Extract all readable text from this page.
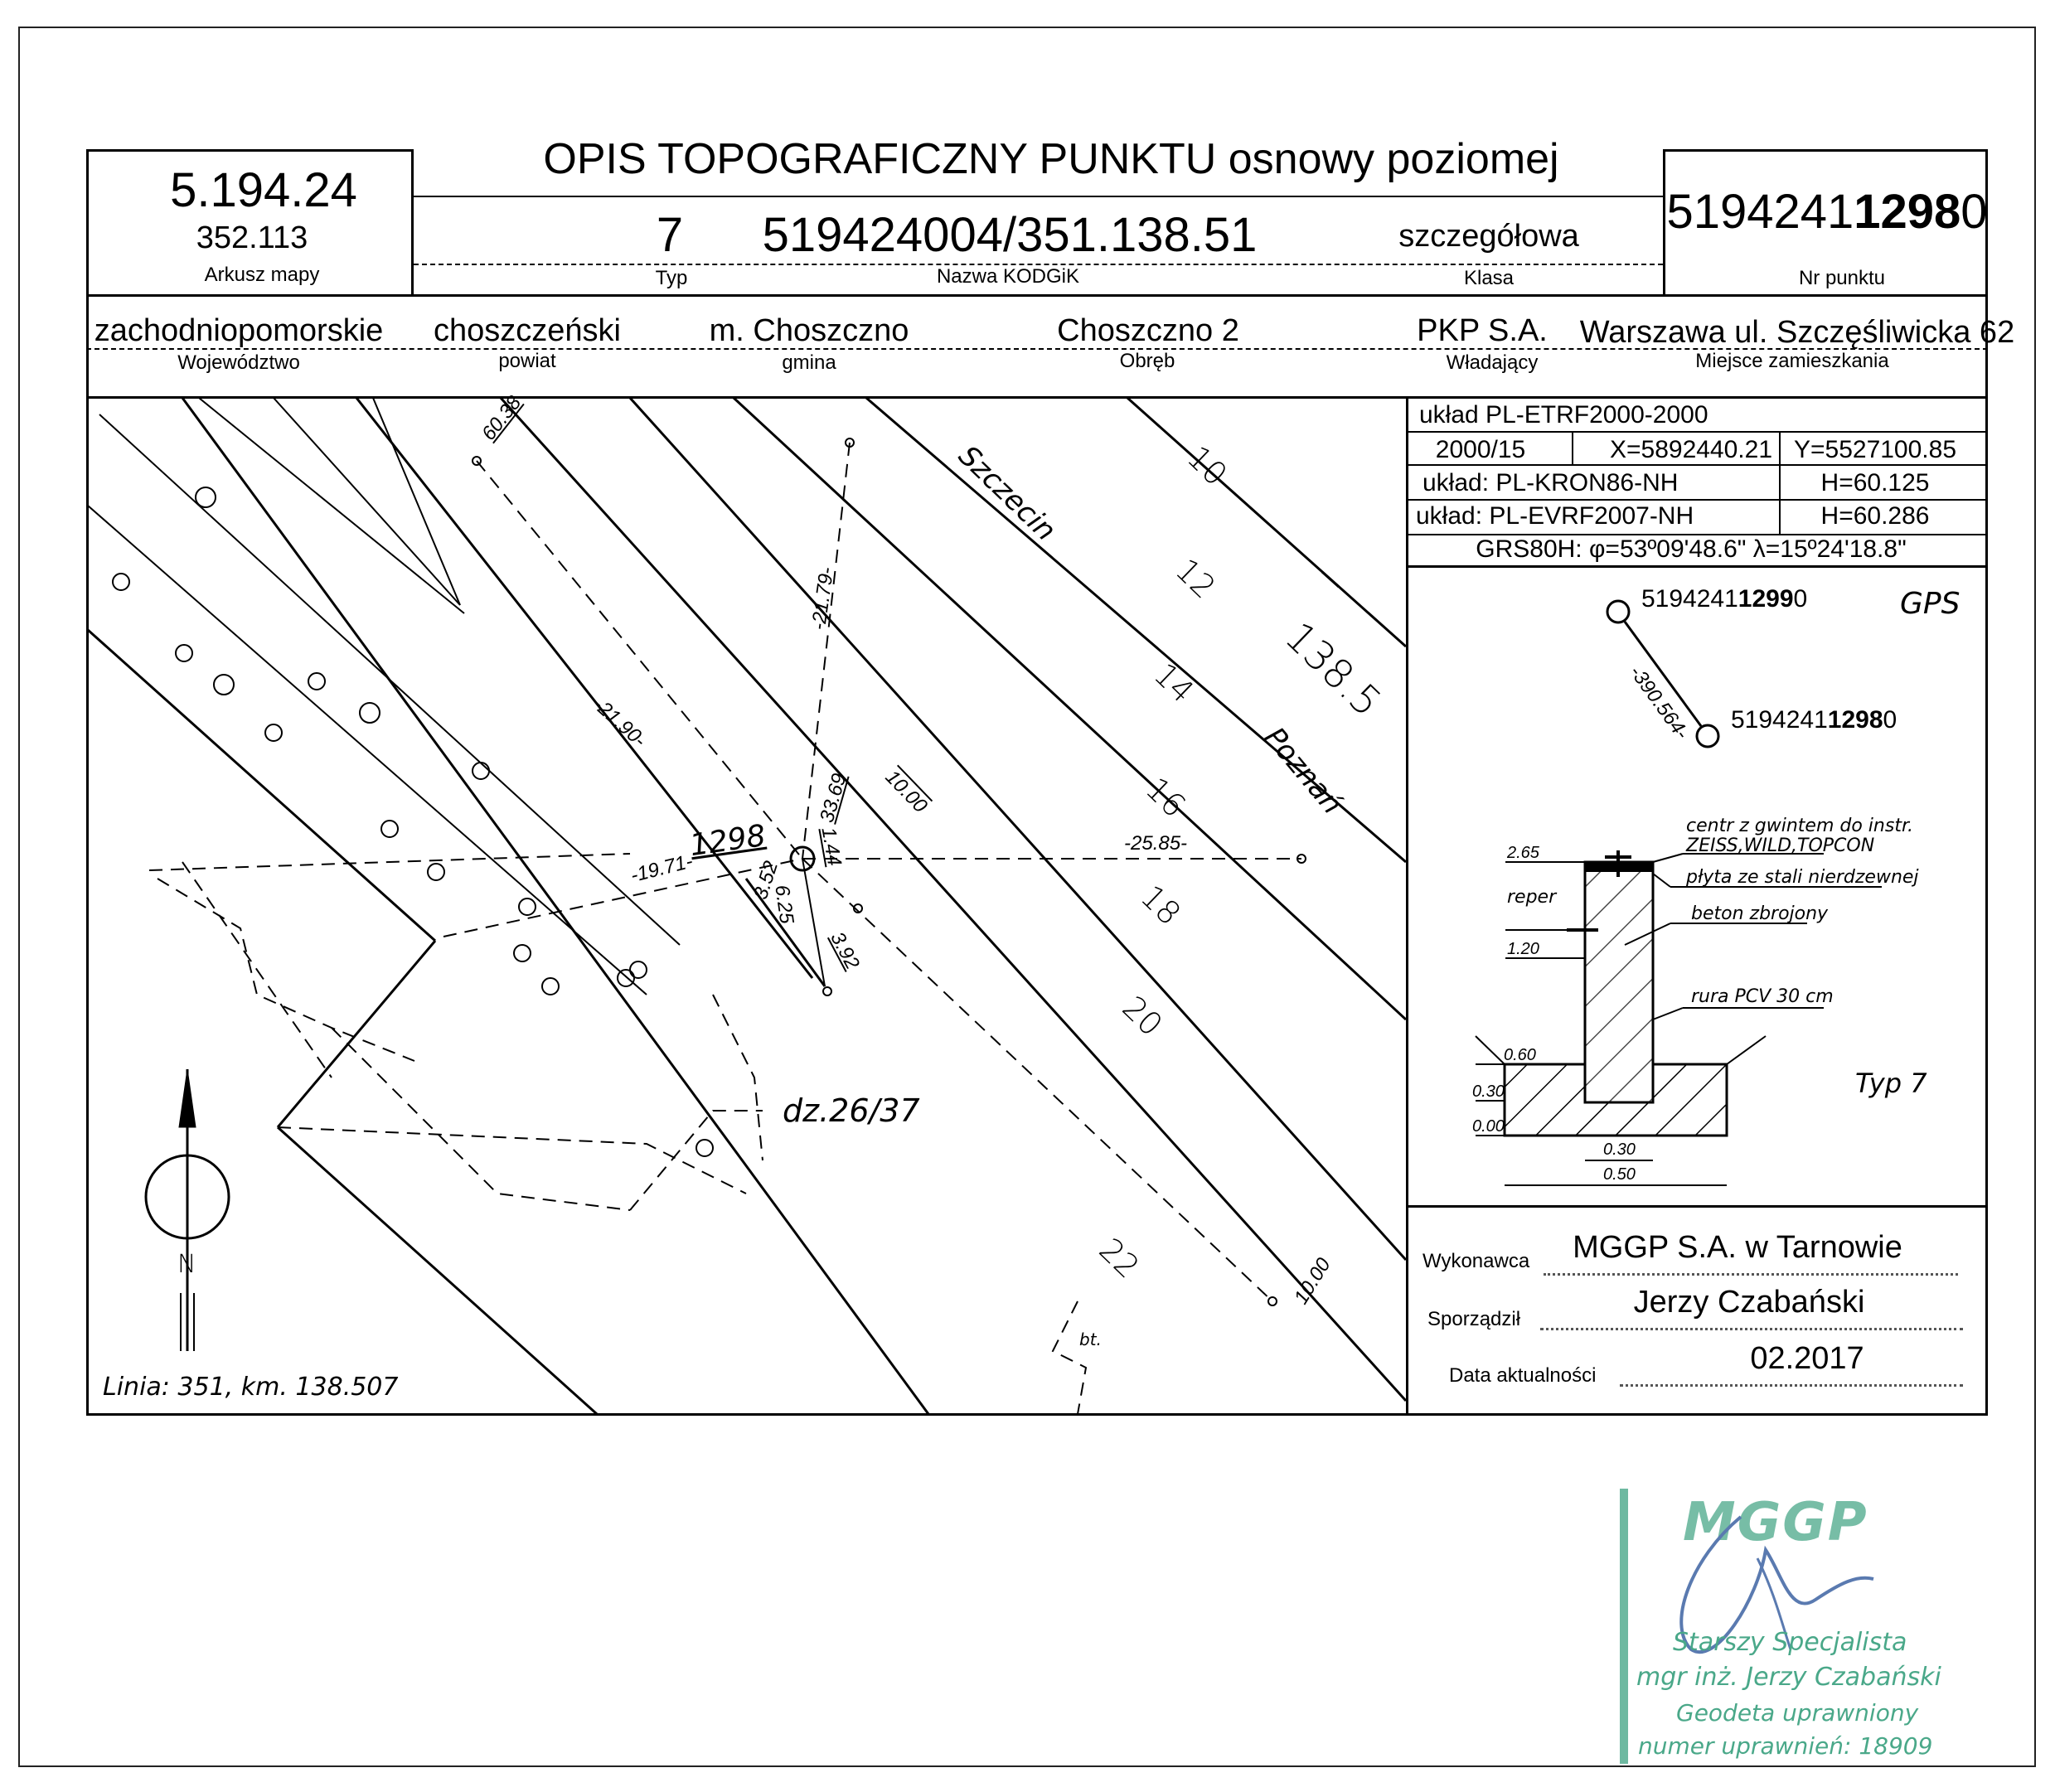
OPIS TOPOGRAFICZNY PUNKTU osnowy poziomej
5.194.24
352.113
Arkusz mapy
519424112980
Nr punktu
7
Typ
519424004/351.138.51
Nazwa KODGiK
szczegółowa
Klasa
zachodniopomorskie
Województwo
choszczeński
powiat
m. Choszczno
gmina
Choszczno 2
Obręb
PKP S.A.
Władający
Warszawa ul. Szczęśliwicka 62
Miejsce zamieszkania
układ PL-ETRF2000-2000
2000/15	X=5892440.21 Y=5527100.85
układ: PL-KRON86-NH	H=60.125
układ: PL-EVRF2007-NH	H=60.286
GRS80H: φ=53º09'48.6" λ=15º24'18.8"
519424112990
519424112980
-390.564-
GPS
centr z gwintem do instr.
ZEISS,WILD,TOPCON
płyta ze stali nierdzewnej
reper
beton zbrojony
rura PCV 30 cm
2.65
1.20
0.60
0.30
0.00
0.30
0.50
Typ 7
Wykonawca MGGP S.A. w Tarnowie
Sporządził	Jerzy Czabański
Data aktualności	02.2017
1298
dz.26/37
Linia: 351, km. 138.507
Szczecin
Poznań
138.5
N
60.38
-21.79-
-21.90-
-19.71-
33.69
1.44	-25.85-
3.52
6.25
3.92
10.00
10.00
bt.
10
12
14
16
18
20
22
MGGP
Starszy Specjalista
mgr inż. Jerzy Czabański
Geodeta uprawniony
numer uprawnień: 18909
